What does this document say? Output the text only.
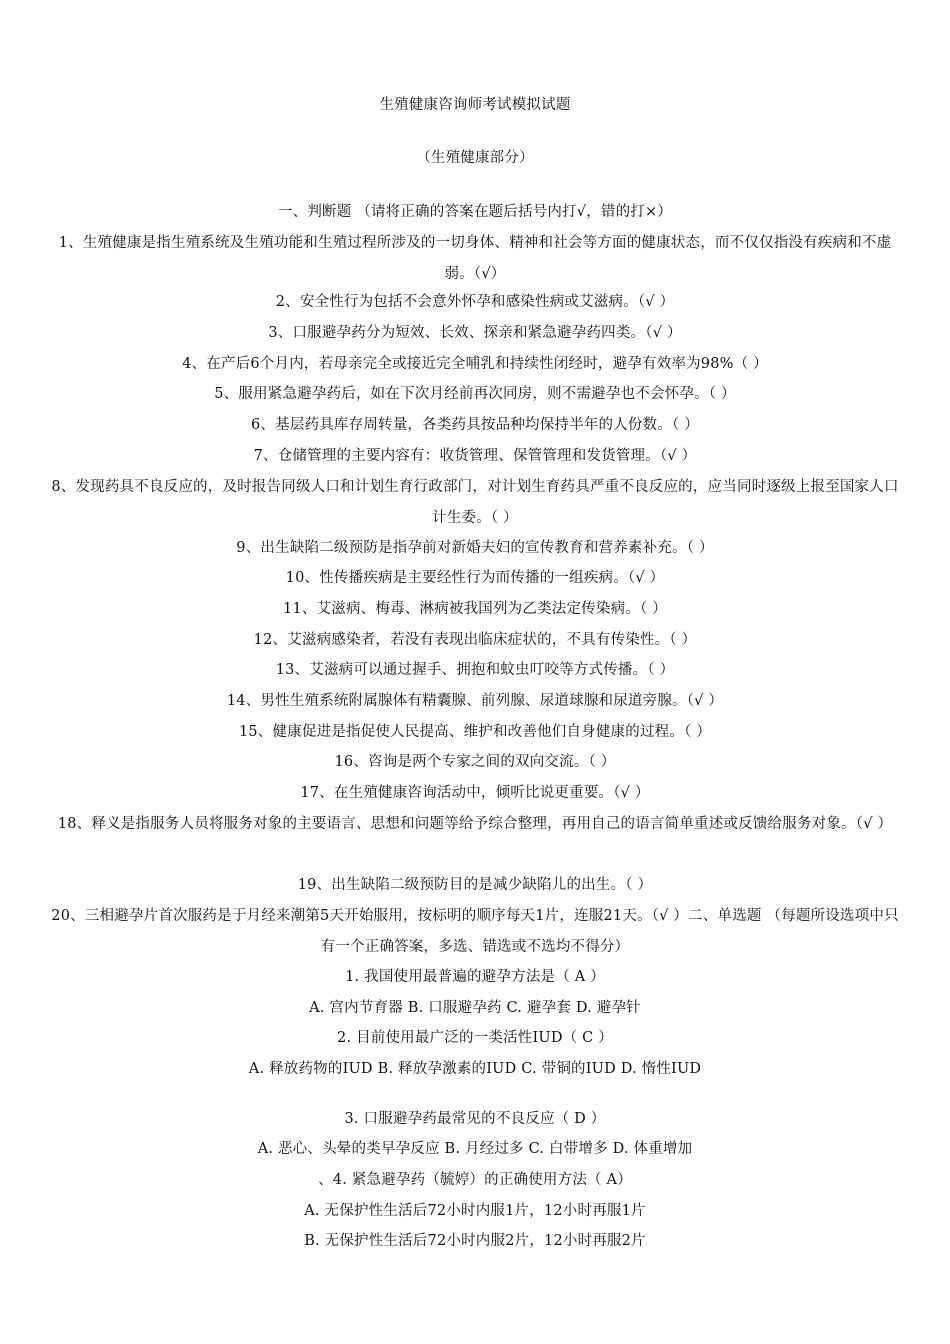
生殖健康咨询师考试模拟试题
（生殖健康部分）
一、判断题 （请将正确的答案在题后括号内打√，错的打×）
1、生殖健康是指生殖系统及生殖功能和生殖过程所涉及的一切身体、精神和社会等方面的健康状态，而不仅仅指没有疾病和不虚弱。（√）
2、安全性行为包括不会意外怀孕和感染性病或艾滋病。（√ ）
3、口服避孕药分为短效、长效、探亲和紧急避孕药四类。（√ ）
4、在产后6个月内，若母亲完全或接近完全哺乳和持续性闭经时，避孕有效率为98%（ ）
5、服用紧急避孕药后，如在下次月经前再次同房，则不需避孕也不会怀孕。（ ）
6、基层药具库存周转量，各类药具按品种均保持半年的人份数。（ ）
7、仓储管理的主要内容有：收货管理、保管管理和发货管理。（√ ）
8、发现药具不良反应的，及时报告同级人口和计划生育行政部门，对计划生育药具严重不良反应的，应当同时逐级上报至国家人口计生委。（ ）
9、出生缺陷二级预防是指孕前对新婚夫妇的宣传教育和营养素补充。（ ）
10、性传播疾病是主要经性行为而传播的一组疾病。（√ ）
11、艾滋病、梅毒、淋病被我国列为乙类法定传染病。（ ）
12、艾滋病感染者，若没有表现出临床症状的，不具有传染性。（ ）
13、艾滋病可以通过握手、拥抱和蚊虫叮咬等方式传播。（ ）
14、男性生殖系统附属腺体有精囊腺、前列腺、尿道球腺和尿道旁腺。（√ ）
15、健康促进是指促使人民提高、维护和改善他们自身健康的过程。（ ）
16、咨询是两个专家之间的双向交流。（ ）
17、在生殖健康咨询活动中，倾听比说更重要。（√ ）
18、释义是指服务人员将服务对象的主要语言、思想和问题等给予综合整理，再用自己的语言简单重述或反馈给服务对象。（√ ）
19、出生缺陷二级预防目的是减少缺陷儿的出生。（ ）
20、三相避孕片首次服药是于月经来潮第5天开始服用，按标明的顺序每天1片，连服21天。（√ ）二、单选题 （每题所设选项中只有一个正确答案，多选、错选或不选均不得分）
1. 我国使用最普遍的避孕方法是（ A ）
A. 宫内节育器 B. 口服避孕药 C. 避孕套 D. 避孕针
2. 目前使用最广泛的一类活性IUD（ C ）
A. 释放药物的IUD B. 释放孕激素的IUD C. 带铜的IUD D. 惰性IUD
3. 口服避孕药最常见的不良反应（ D ）
A. 恶心、头晕的类早孕反应 B. 月经过多 C. 白带增多 D. 体重增加
、4. 紧急避孕药（毓婷）的正确使用方法（ A）
A. 无保护性生活后72小时内服1片，12小时再服1片
B. 无保护性生活后72小时内服2片，12小时再服2片
